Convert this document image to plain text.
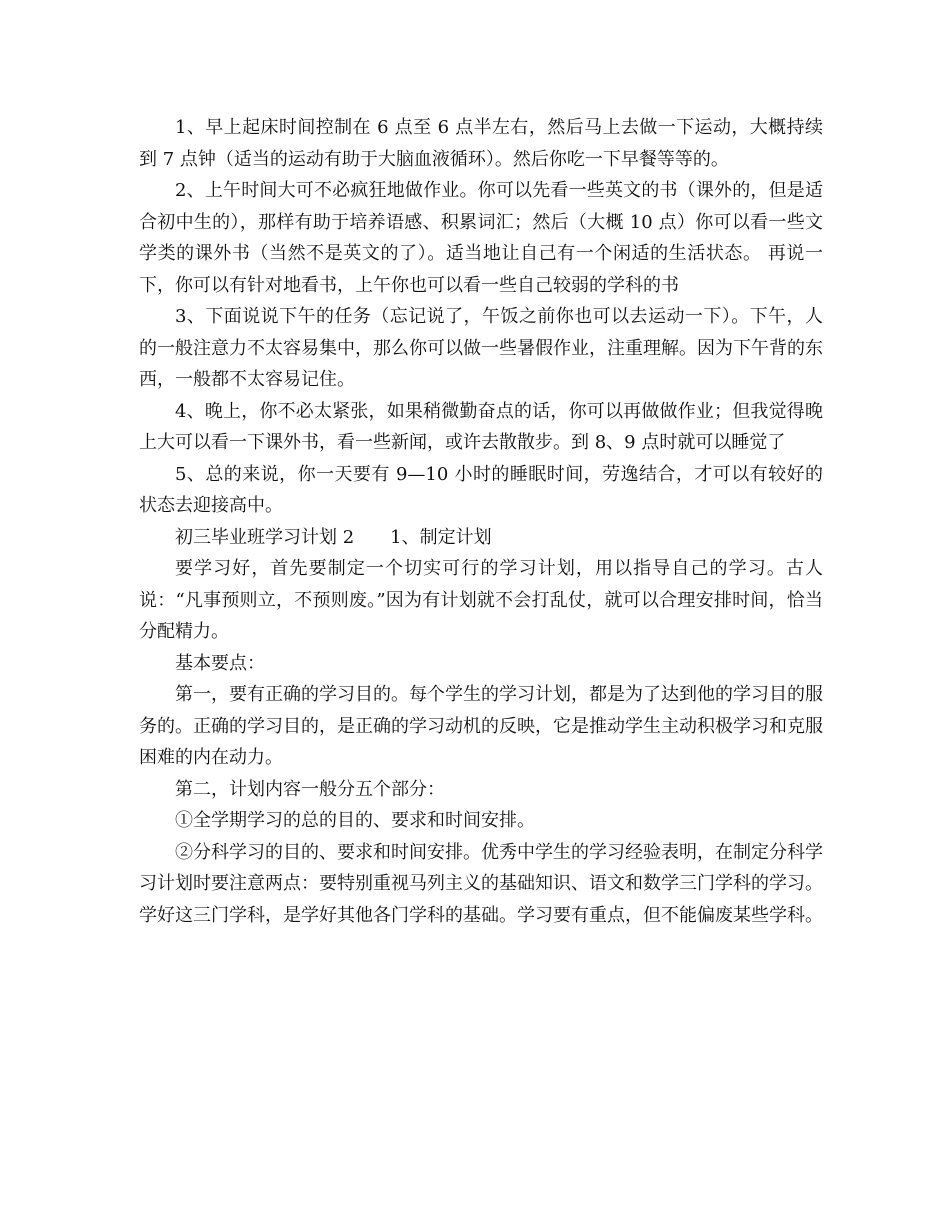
1、早上起床时间控制在 6 点至 6 点半左右，然后马上去做一下运动，大概持续到 7 点钟（适当的运动有助于大脑血液循环）。然后你吃一下早餐等等的。

2、上午时间大可不必疯狂地做作业。你可以先看一些英文的书（课外的，但是适合初中生的），那样有助于培养语感、积累词汇；然后（大概 10 点）你可以看一些文学类的课外书（当然不是英文的了）。适当地让自己有一个闲适的生活状态。 再说一下，你可以有针对地看书，上午你也可以看一些自己较弱的学科的书

3、下面说说下午的任务（忘记说了，午饭之前你也可以去运动一下）。下午，人的一般注意力不太容易集中，那么你可以做一些暑假作业，注重理解。因为下午背的东西，一般都不太容易记住。

4、晚上，你不必太紧张，如果稍微勤奋点的话，你可以再做做作业；但我觉得晚上大可以看一下课外书，看一些新闻，或许去散散步。到 8、9 点时就可以睡觉了

5、总的来说，你一天要有 9—10 小时的睡眠时间，劳逸结合，才可以有较好的状态去迎接高中。

初三毕业班学习计划 2　　1、制定计划

要学习好，首先要制定一个切实可行的学习计划，用以指导自己的学习。古人说：“凡事预则立，不预则废。”因为有计划就不会打乱仗，就可以合理安排时间，恰当分配精力。

基本要点：

第一，要有正确的学习目的。每个学生的学习计划，都是为了达到他的学习目的服务的。正确的学习目的，是正确的学习动机的反映，它是推动学生主动积极学习和克服困难的内在动力。

第二，计划内容一般分五个部分：

①全学期学习的总的目的、要求和时间安排。

②分科学习的目的、要求和时间安排。优秀中学生的学习经验表明，在制定分科学习计划时要注意两点：要特别重视马列主义的基础知识、语文和数学三门学科的学习。学好这三门学科，是学好其他各门学科的基础。学习要有重点，但不能偏废某些学科。
